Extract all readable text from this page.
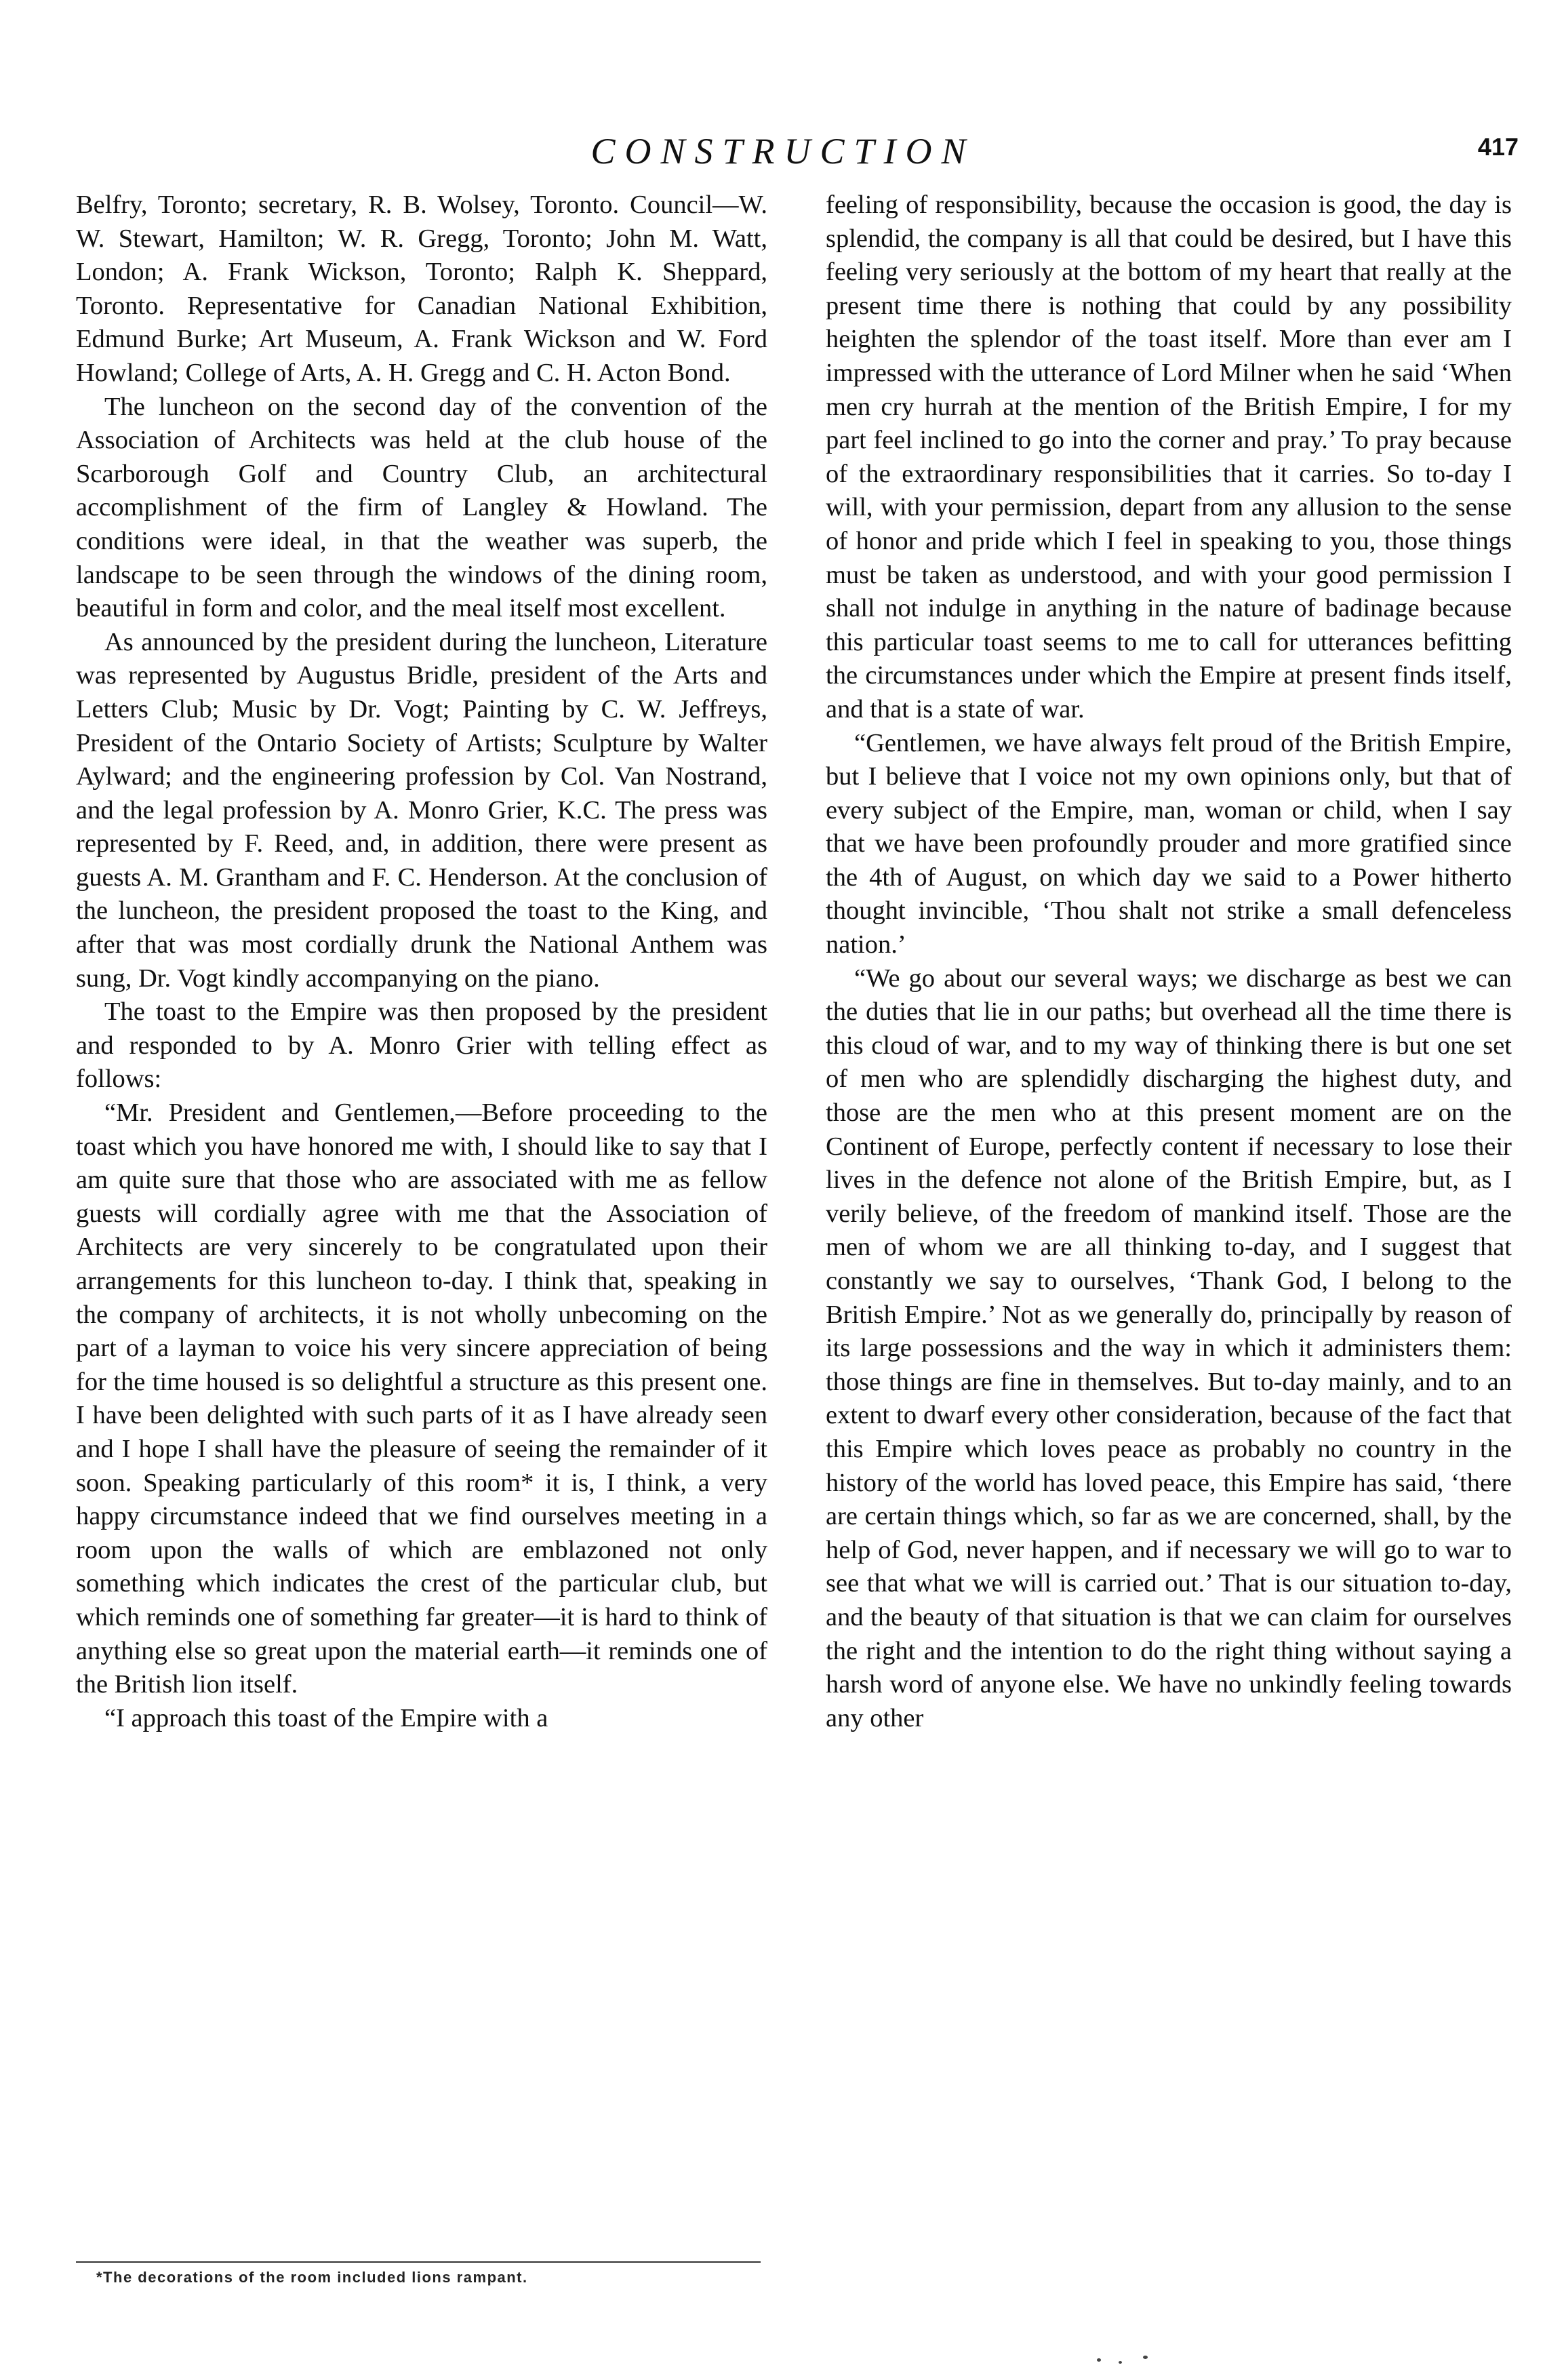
CONSTRUCTION	417

Belfry, Toronto; secretary, R. B. Wolsey, Toronto. Council—W. W. Stewart, Hamilton; W. R. Gregg, Toronto; John M. Watt, London; A. Frank Wickson, Toronto; Ralph K. Sheppard, Toronto. Representative for Canadian National Exhibition, Edmund Burke; Art Museum, A. Frank Wickson and W. Ford Howland; College of Arts, A. H. Gregg and C. H. Acton Bond.

The luncheon on the second day of the convention of the Association of Architects was held at the club house of the Scarborough Golf and Country Club, an architectural accomplishment of the firm of Langley & Howland. The conditions were ideal, in that the weather was superb, the landscape to be seen through the windows of the dining room, beautiful in form and color, and the meal itself most excellent.

As announced by the president during the luncheon, Literature was represented by Augustus Bridle, president of the Arts and Letters Club; Music by Dr. Vogt; Painting by C. W. Jeffreys, President of the Ontario Society of Artists; Sculpture by Walter Aylward; and the engineering profession by Col. Van Nostrand, and the legal profession by A. Monro Grier, K.C. The press was represented by F. Reed, and, in addition, there were present as guests A. M. Grantham and F. C. Henderson. At the conclusion of the luncheon, the president proposed the toast to the King, and after that was most cordially drunk the National Anthem was sung, Dr. Vogt kindly accompanying on the piano.

The toast to the Empire was then proposed by the president and responded to by A. Monro Grier with telling effect as follows:

“Mr. President and Gentlemen,—Before proceeding to the toast which you have honored me with, I should like to say that I am quite sure that those who are associated with me as fellow guests will cordially agree with me that the Association of Architects are very sincerely to be congratulated upon their arrangements for this luncheon to-day. I think that, speaking in the company of architects, it is not wholly unbecoming on the part of a layman to voice his very sincere appreciation of being for the time housed is so delightful a structure as this present one. I have been delighted with such parts of it as I have already seen and I hope I shall have the pleasure of seeing the remainder of it soon. Speaking particularly of this room* it is, I think, a very happy circumstance indeed that we find ourselves meeting in a room upon the walls of which are emblazoned not only something which indicates the crest of the particular club, but which reminds one of something far greater—it is hard to think of anything else so great upon the material earth—it reminds one of the British lion itself.

“I approach this toast of the Empire with a

feeling of responsibility, because the occasion is good, the day is splendid, the company is all that could be desired, but I have this feeling very seriously at the bottom of my heart that really at the present time there is nothing that could by any possibility heighten the splendor of the toast itself. More than ever am I impressed with the utterance of Lord Milner when he said ‘When men cry hurrah at the mention of the British Empire, I for my part feel inclined to go into the corner and pray.’ To pray because of the extraordinary responsibilities that it carries. So to-day I will, with your permission, depart from any allusion to the sense of honor and pride which I feel in speaking to you, those things must be taken as understood, and with your good permission I shall not indulge in anything in the nature of badinage because this particular toast seems to me to call for utterances befitting the circumstances under which the Empire at present finds itself, and that is a state of war.

“Gentlemen, we have always felt proud of the British Empire, but I believe that I voice not my own opinions only, but that of every subject of the Empire, man, woman or child, when I say that we have been profoundly prouder and more gratified since the 4th of August, on which day we said to a Power hitherto thought invincible, ‘Thou shalt not strike a small defenceless nation.’

“We go about our several ways; we discharge as best we can the duties that lie in our paths; but overhead all the time there is this cloud of war, and to my way of thinking there is but one set of men who are splendidly discharging the highest duty, and those are the men who at this present moment are on the Continent of Europe, perfectly content if necessary to lose their lives in the defence not alone of the British Empire, but, as I verily believe, of the freedom of mankind itself. Those are the men of whom we are all thinking to-day, and I suggest that constantly we say to ourselves, ‘Thank God, I belong to the British Empire.’ Not as we generally do, principally by reason of its large possessions and the way in which it administers them: those things are fine in themselves. But to-day mainly, and to an extent to dwarf every other consideration, because of the fact that this Empire which loves peace as probably no country in the history of the world has loved peace, this Empire has said, ‘there are certain things which, so far as we are concerned, shall, by the help of God, never happen, and if necessary we will go to war to see that what we will is carried out.’ That is our situation to-day, and the beauty of that situation is that we can claim for ourselves the right and the intention to do the right thing without saying a harsh word of anyone else. We have no unkindly feeling towards any other

*The decorations of the room included lions rampant.
